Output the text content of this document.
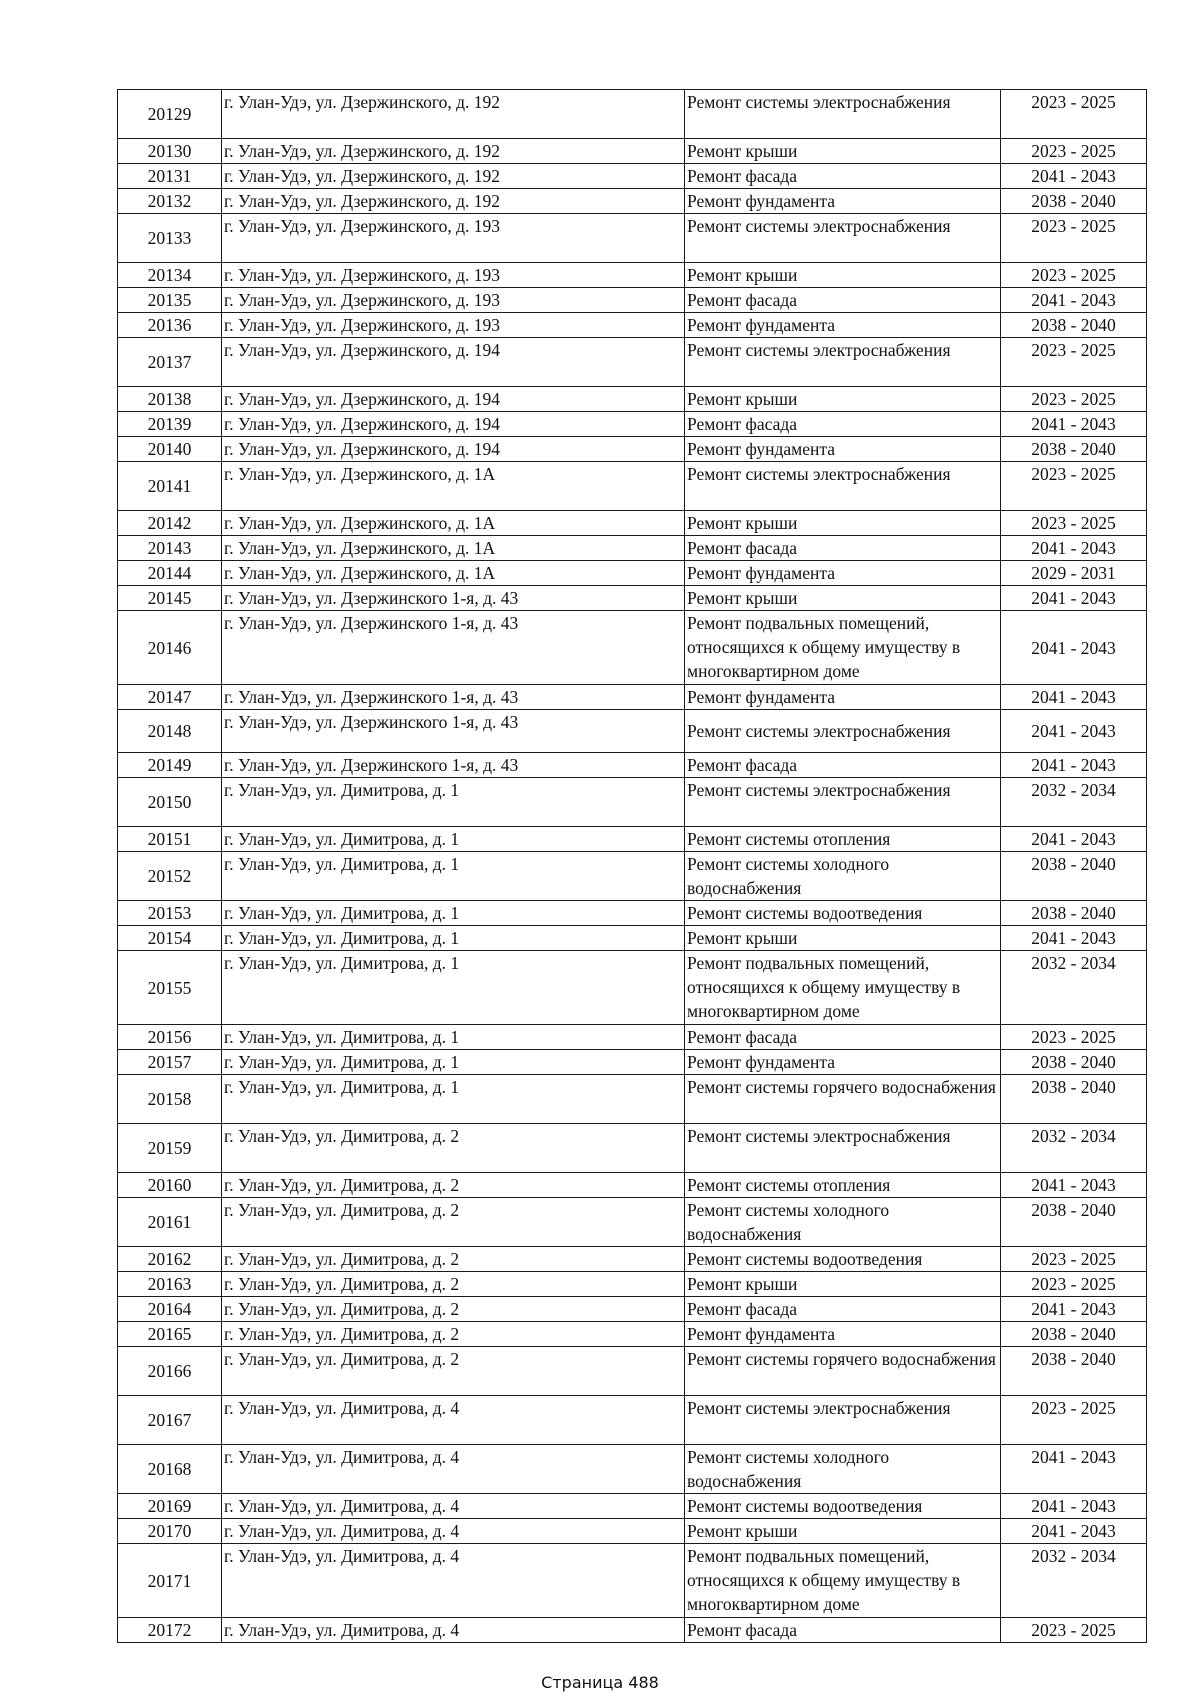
20129	г. Улан-Удэ, ул. Дзержинского, д. 192	Ремонт системы электроснабжения	2023 - 2025
20130	г. Улан-Удэ, ул. Дзержинского, д. 192	Ремонт крыши	2023 - 2025
20131	г. Улан-Удэ, ул. Дзержинского, д. 192	Ремонт фасада	2041 - 2043
20132	г. Улан-Удэ, ул. Дзержинского, д. 192	Ремонт фундамента	2038 - 2040
20133	г. Улан-Удэ, ул. Дзержинского, д. 193	Ремонт системы электроснабжения	2023 - 2025
20134	г. Улан-Удэ, ул. Дзержинского, д. 193	Ремонт крыши	2023 - 2025
20135	г. Улан-Удэ, ул. Дзержинского, д. 193	Ремонт фасада	2041 - 2043
20136	г. Улан-Удэ, ул. Дзержинского, д. 193	Ремонт фундамента	2038 - 2040
20137	г. Улан-Удэ, ул. Дзержинского, д. 194	Ремонт системы электроснабжения	2023 - 2025
20138	г. Улан-Удэ, ул. Дзержинского, д. 194	Ремонт крыши	2023 - 2025
20139	г. Улан-Удэ, ул. Дзержинского, д. 194	Ремонт фасада	2041 - 2043
20140	г. Улан-Удэ, ул. Дзержинского, д. 194	Ремонт фундамента	2038 - 2040
20141	г. Улан-Удэ, ул. Дзержинского, д. 1А	Ремонт системы электроснабжения	2023 - 2025
20142	г. Улан-Удэ, ул. Дзержинского, д. 1А	Ремонт крыши	2023 - 2025
20143	г. Улан-Удэ, ул. Дзержинского, д. 1А	Ремонт фасада	2041 - 2043
20144	г. Улан-Удэ, ул. Дзержинского, д. 1А	Ремонт фундамента	2029 - 2031
20145	г. Улан-Удэ, ул. Дзержинского 1-я, д. 43	Ремонт крыши	2041 - 2043
20146	г. Улан-Удэ, ул. Дзержинского 1-я, д. 43	Ремонт подвальных помещений, относящихся к общему имуществу в многоквартирном доме	2041 - 2043
20147	г. Улан-Удэ, ул. Дзержинского 1-я, д. 43	Ремонт фундамента	2041 - 2043
20148	г. Улан-Удэ, ул. Дзержинского 1-я, д. 43	Ремонт системы электроснабжения	2041 - 2043
20149	г. Улан-Удэ, ул. Дзержинского 1-я, д. 43	Ремонт фасада	2041 - 2043
20150	г. Улан-Удэ, ул. Димитрова, д. 1	Ремонт системы электроснабжения	2032 - 2034
20151	г. Улан-Удэ, ул. Димитрова, д. 1	Ремонт системы отопления	2041 - 2043
20152	г. Улан-Удэ, ул. Димитрова, д. 1	Ремонт системы холодного водоснабжения	2038 - 2040
20153	г. Улан-Удэ, ул. Димитрова, д. 1	Ремонт системы водоотведения	2038 - 2040
20154	г. Улан-Удэ, ул. Димитрова, д. 1	Ремонт крыши	2041 - 2043
20155	г. Улан-Удэ, ул. Димитрова, д. 1	Ремонт подвальных помещений, относящихся к общему имуществу в многоквартирном доме	2032 - 2034
20156	г. Улан-Удэ, ул. Димитрова, д. 1	Ремонт фасада	2023 - 2025
20157	г. Улан-Удэ, ул. Димитрова, д. 1	Ремонт фундамента	2038 - 2040
20158	г. Улан-Удэ, ул. Димитрова, д. 1	Ремонт системы горячего водоснабжения	2038 - 2040
20159	г. Улан-Удэ, ул. Димитрова, д. 2	Ремонт системы электроснабжения	2032 - 2034
20160	г. Улан-Удэ, ул. Димитрова, д. 2	Ремонт системы отопления	2041 - 2043
20161	г. Улан-Удэ, ул. Димитрова, д. 2	Ремонт системы холодного водоснабжения	2038 - 2040
20162	г. Улан-Удэ, ул. Димитрова, д. 2	Ремонт системы водоотведения	2023 - 2025
20163	г. Улан-Удэ, ул. Димитрова, д. 2	Ремонт крыши	2023 - 2025
20164	г. Улан-Удэ, ул. Димитрова, д. 2	Ремонт фасада	2041 - 2043
20165	г. Улан-Удэ, ул. Димитрова, д. 2	Ремонт фундамента	2038 - 2040
20166	г. Улан-Удэ, ул. Димитрова, д. 2	Ремонт системы горячего водоснабжения	2038 - 2040
20167	г. Улан-Удэ, ул. Димитрова, д. 4	Ремонт системы электроснабжения	2023 - 2025
20168	г. Улан-Удэ, ул. Димитрова, д. 4	Ремонт системы холодного водоснабжения	2041 - 2043
20169	г. Улан-Удэ, ул. Димитрова, д. 4	Ремонт системы водоотведения	2041 - 2043
20170	г. Улан-Удэ, ул. Димитрова, д. 4	Ремонт крыши	2041 - 2043
20171	г. Улан-Удэ, ул. Димитрова, д. 4	Ремонт подвальных помещений, относящихся к общему имуществу в многоквартирном доме	2032 - 2034
20172	г. Улан-Удэ, ул. Димитрова, д. 4	Ремонт фасада	2023 - 2025
Страница 488
